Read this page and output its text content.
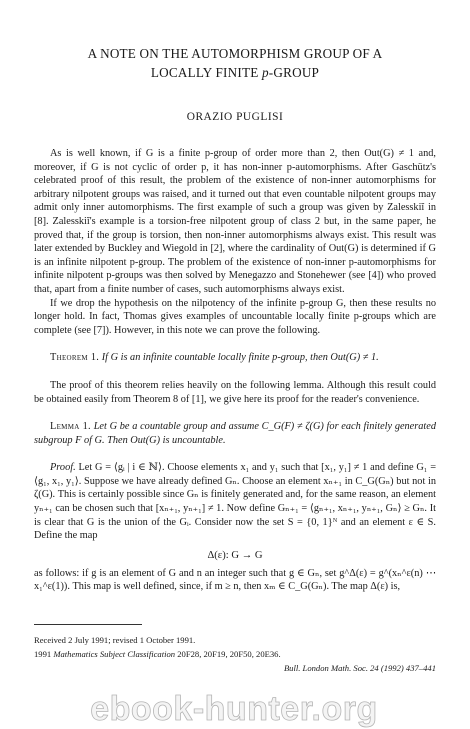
A NOTE ON THE AUTOMORPHISM GROUP OF A
LOCALLY FINITE p-GROUP

ORAZIO PUGLISI

As is well known, if G is a finite p-group of order more than 2, then Out(G) ≠ 1 and, moreover, if G is not cyclic of order p, it has non-inner p-automorphisms. After Gaschütz's celebrated proof of this result, the problem of the existence of non-inner automorphisms for arbitrary nilpotent groups was raised, and it turned out that even countable nilpotent groups may admit only inner automorphisms. The first example of such a group was given by Zalesskiĭ in [8]. Zalesskiĭ's example is a torsion-free nilpotent group of class 2 but, in the same paper, he proved that, if the group is torsion, then non-inner automorphisms always exist. This result was later extended by Buckley and Wiegold in [2], where the cardinality of Out(G) is determined if G is an infinite nilpotent p-group. The problem of the existence of non-inner p-automorphisms for infinite nilpotent p-groups was then solved by Menegazzo and Stonehewer (see [4]) who proved that, apart from a finite number of cases, such automorphisms always exist.

If we drop the hypothesis on the nilpotency of the infinite p-group G, then these results no longer hold. In fact, Thomas gives examples of uncountable locally finite p-groups which are complete (see [7]). However, in this note we can prove the following.

Theorem 1. If G is an infinite countable locally finite p-group, then Out(G) ≠ 1.

The proof of this theorem relies heavily on the following lemma. Although this result could be obtained easily from Theorem 8 of [1], we give here its proof for the reader's convenience.

Lemma 1. Let G be a countable group and assume C_G(F) ≠ ζ(G) for each finitely generated subgroup F of G. Then Out(G) is uncountable.

Proof. Let G = ⟨gᵢ | i ∈ ℕ⟩. Choose elements x₁ and y₁ such that [x₁, y₁] ≠ 1 and define G₁ = ⟨g₁, x₁, y₁⟩. Suppose we have already defined Gₙ. Choose an element xₙ₊₁ in C_G(Gₙ) but not in ζ(G). This is certainly possible since Gₙ is finitely generated and, for the same reason, an element yₙ₊₁ can be chosen such that [xₙ₊₁, yₙ₊₁] ≠ 1. Now define Gₙ₊₁ = ⟨gₙ₊₁, xₙ₊₁, yₙ₊₁, Gₙ⟩ ≥ Gₙ. It is clear that G is the union of the Gᵢ. Consider now the set S = {0, 1}ᴺ and an element ε ∈ S. Define the map

Δ(ε): G → G

as follows: if g is an element of G and n an integer such that g ∈ Gₙ, set g^Δ(ε) = g^(xₙ^ε(n) ⋯ x₁^ε(1)). This map is well defined, since, if m ≥ n, then xₘ ∈ C_G(Gₙ). The map Δ(ε) is,

Received 2 July 1991; revised 1 October 1991.
1991 Mathematics Subject Classification 20F28, 20F19, 20F50, 20E36.
Bull. London Math. Soc. 24 (1992) 437–441
ebook-hunter.org
